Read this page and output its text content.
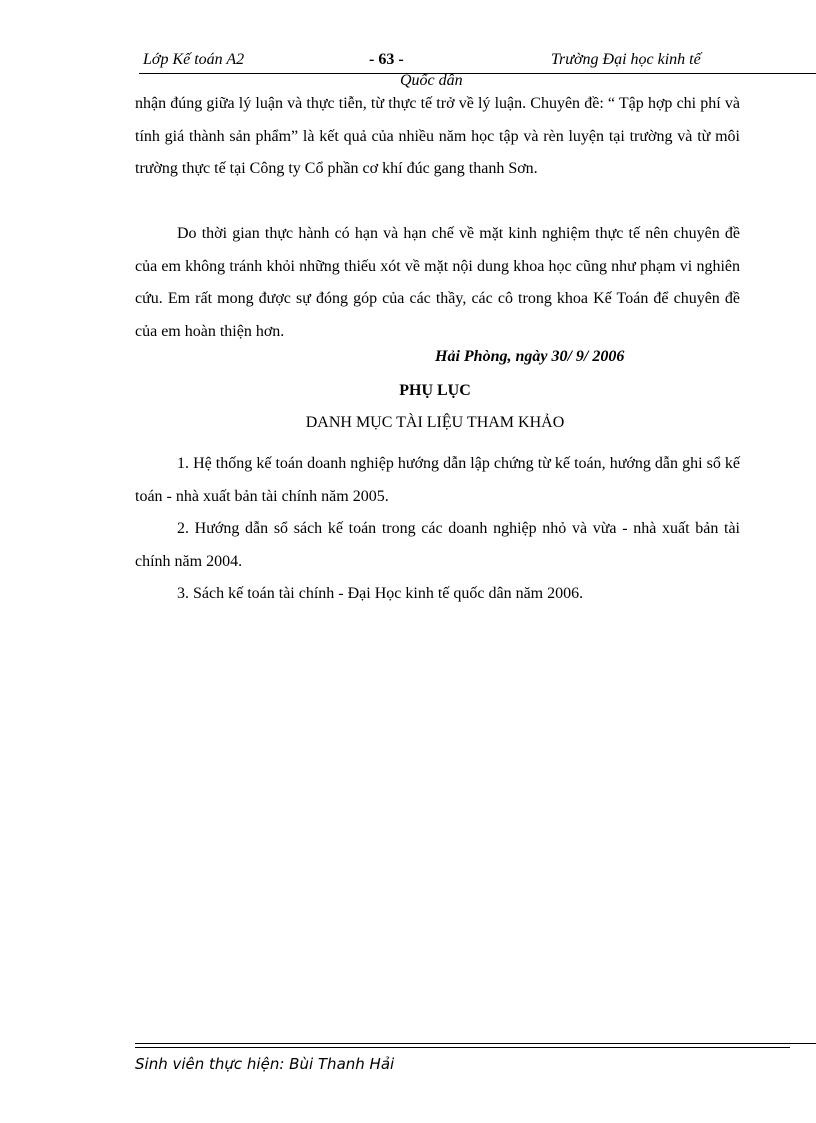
Lớp Kế toán A2	- 63 -	Trường Đại học kinh tế
Quốc dân

nhận đúng giữa lý luận và thực tiễn, từ thực tế trở về lý luận. Chuyên đề: “ Tập hợp chi phí và tính giá thành sản phẩm” là kết quả của nhiều năm học tập và rèn luyện tại trường và từ môi trường thực tế tại Công ty Cổ phần cơ khí đúc gang thanh Sơn.

Do thời gian thực hành có hạn và hạn chế về mặt kinh nghiệm thực tế nên chuyên đề của em không tránh khỏi những thiếu xót về mặt nội dung khoa học cũng như phạm vi nghiên cứu. Em rất mong được sự đóng góp của các thầy, các cô trong khoa Kế Toán để chuyên đề của em hoàn thiện hơn.

Hải Phòng, ngày 30/ 9/ 2006
PHỤ LỤC
DANH MỤC TÀI LIỆU THAM KHẢO

1. Hệ thống kế toán doanh nghiệp hướng dẫn lập chứng từ kế toán, hướng dẫn ghi sổ kế toán - nhà xuất bản tài chính năm 2005.

2. Hướng dẫn sổ sách kế toán trong các doanh nghiệp nhỏ và vừa - nhà xuất bản tài chính năm 2004.

3. Sách kế toán tài chính - Đại Học kinh tế quốc dân năm 2006.

Sinh viên thực hiện: Bùi Thanh Hải
